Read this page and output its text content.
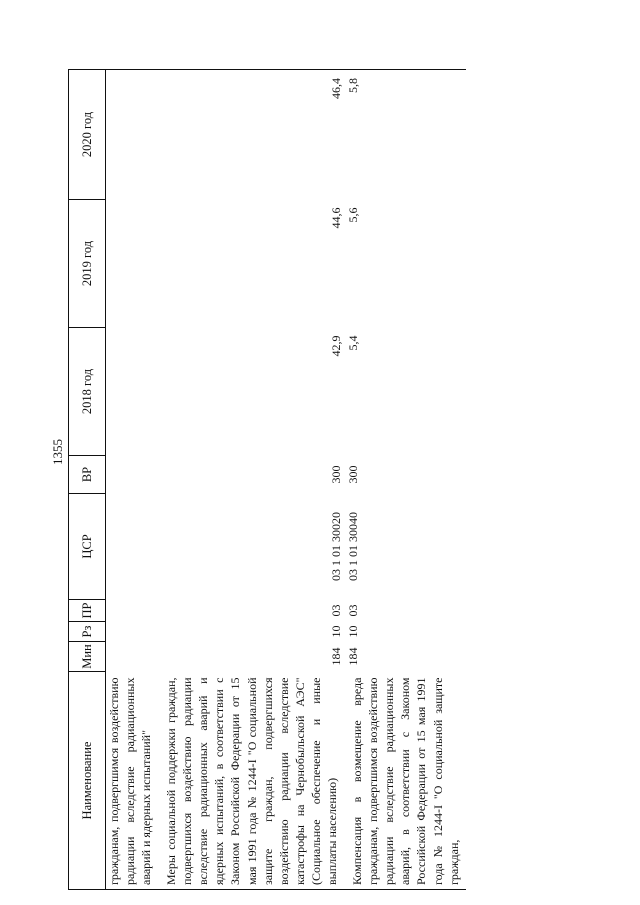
1355
Наименование	Мин	Рз	ПР	ЦСР	ВР	2018 год	2019 год	2020 год
гражданам, подвергшимся воздействию радиации вследствие радиационных аварий и ядерных испытаний"								
Меры социальной поддержки граждан, подвергшихся воздействию радиации вследствие радиационных аварий и ядерных испытаний, в соответствии с Законом Российской Федерации от 15 мая 1991 года № 1244-I "О социальной защите граждан, подвергшихся воздействию радиации вследствие катастрофы на Чернобыльской АЭС" (Социальное обеспечение и иные выплаты населению)	184	10	03	03 1 01 30020	300	42,9	44,6	46,4
Компенсация в возмещение вреда гражданам, подвергшимся воздействию радиации вследствие радиационных аварий, в соответствии с Законом Российской Федерации от 15 мая 1991 года № 1244-I "О социальной защите граждан,	184	10	03	03 1 01 30040	300	5,4	5,6	5,8
